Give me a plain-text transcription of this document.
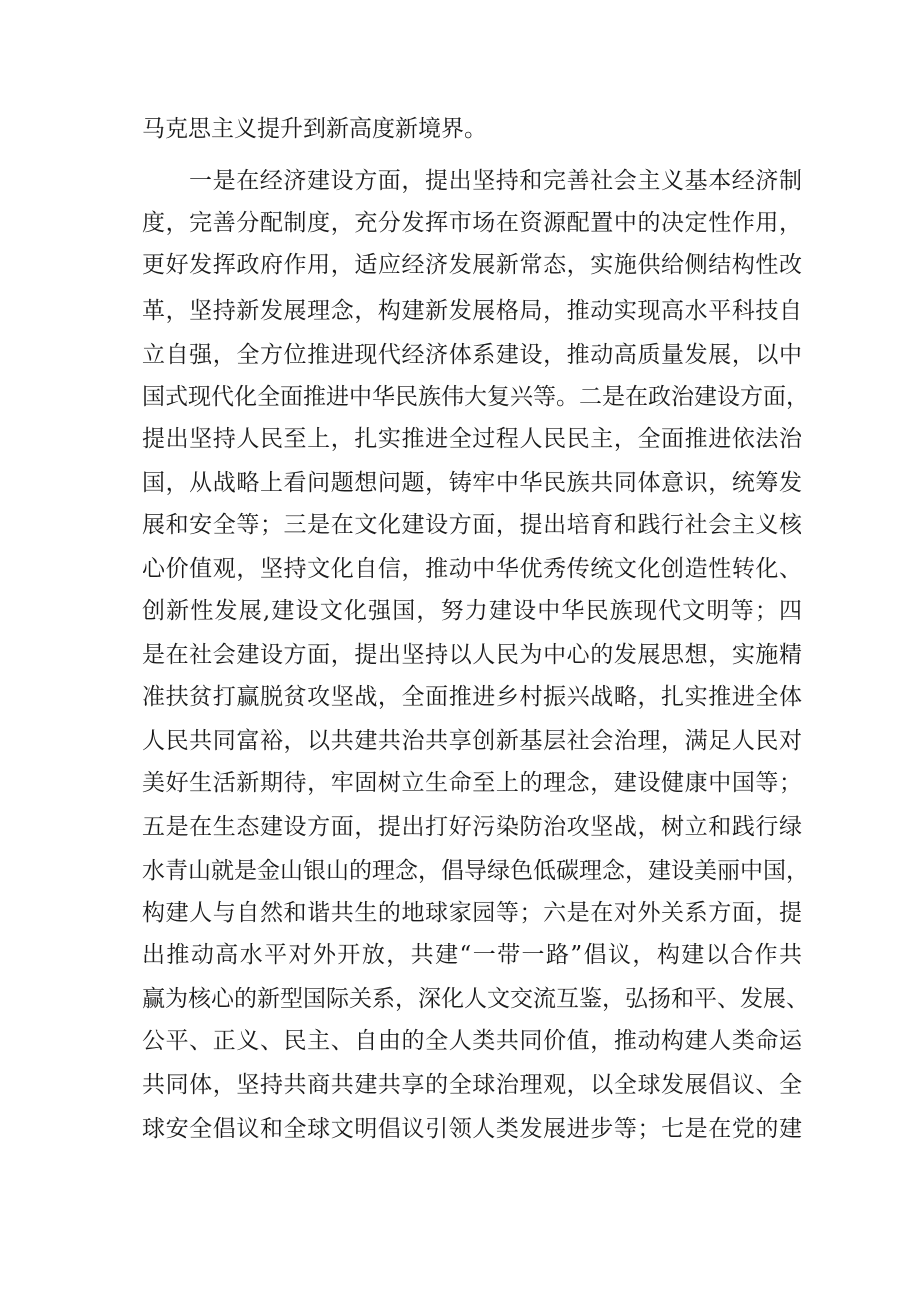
马克思主义提升到新高度新境界。
一是在经济建设方面，提出坚持和完善社会主义基本经济制
度，完善分配制度，充分发挥市场在资源配置中的决定性作用，
更好发挥政府作用，适应经济发展新常态，实施供给侧结构性改
革，坚持新发展理念，构建新发展格局，推动实现高水平科技自
立自强，全方位推进现代经济体系建设，推动高质量发展，以中
国式现代化全面推进中华民族伟大复兴等。二是在政治建设方面，
提出坚持人民至上，扎实推进全过程人民民主，全面推进依法治
国，从战略上看问题想问题，铸牢中华民族共同体意识，统筹发
展和安全等；三是在文化建设方面，提出培育和践行社会主义核
心价值观，坚持文化自信，推动中华优秀传统文化创造性转化、
创新性发展,建设文化强国，努力建设中华民族现代文明等；四
是在社会建设方面，提出坚持以人民为中心的发展思想，实施精
准扶贫打赢脱贫攻坚战，全面推进乡村振兴战略，扎实推进全体
人民共同富裕，以共建共治共享创新基层社会治理，满足人民对
美好生活新期待，牢固树立生命至上的理念，建设健康中国等；
五是在生态建设方面，提出打好污染防治攻坚战，树立和践行绿
水青山就是金山银山的理念，倡导绿色低碳理念，建设美丽中国，
构建人与自然和谐共生的地球家园等；六是在对外关系方面，提
出推动高水平对外开放，共建“一带一路”倡议，构建以合作共
赢为核心的新型国际关系，深化人文交流互鉴，弘扬和平、发展、
公平、正义、民主、自由的全人类共同价值，推动构建人类命运
共同体，坚持共商共建共享的全球治理观，以全球发展倡议、全
球安全倡议和全球文明倡议引领人类发展进步等；七是在党的建
